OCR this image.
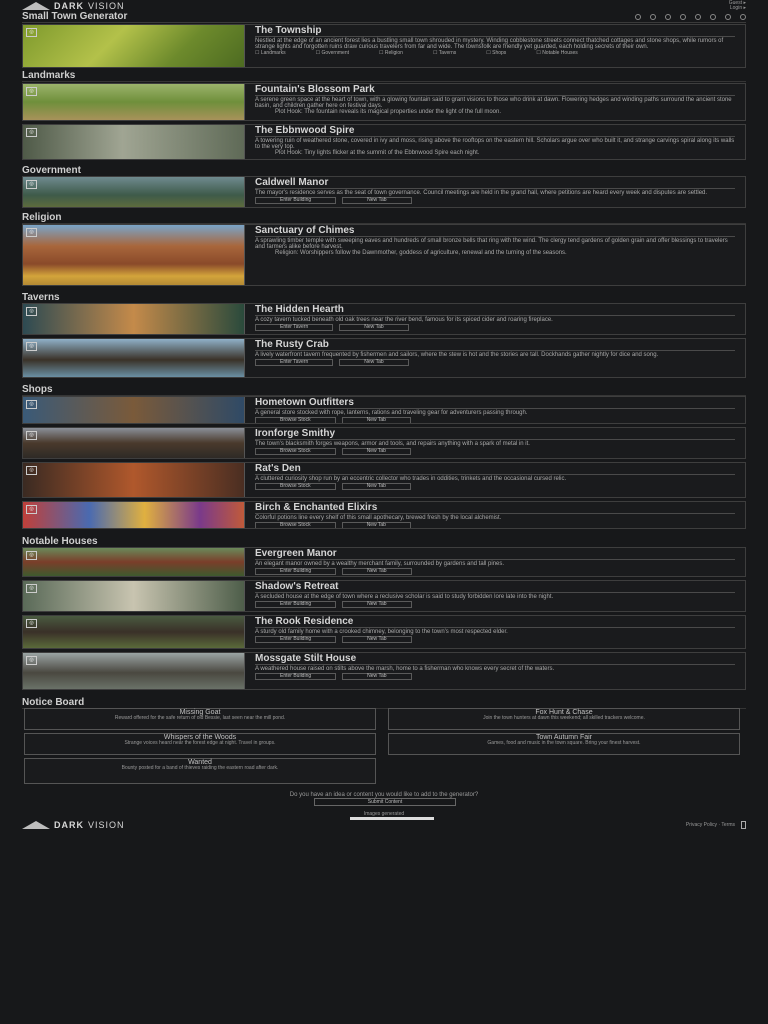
DARK VISION	Guest ▸
Login ▸
Small Town Generator
◎	The Township

Nestled at the edge of an ancient forest lies a bustling small town shrouded in mystery. Winding cobblestone streets connect thatched cottages and stone shops, while rumors of strange lights and forgotten ruins draw curious travelers from far and wide. The townsfolk are friendly yet guarded, each holding secrets of their own.

☐ Landmarks	☐ Government	☐ Religion	☐ Taverns	☐ Shops	☐ Notable Houses

Landmarks

◎	Fountain's Blossom Park

A serene green space at the heart of town, with a glowing fountain said to grant visions to those who drink at dawn. Flowering hedges and winding paths surround the ancient stone basin, and children gather here on festival days.

Plot Hook: The fountain reveals its magical properties under the light of the full moon.
◎	The Ebbnwood Spire

A towering ruin of weathered stone, covered in ivy and moss, rising above the rooftops on the eastern hill. Scholars argue over who built it, and strange carvings spiral along its walls to the very top.

Plot Hook: Tiny lights flicker at the summit of the Ebbnwood Spire each night.

Government

◎	Caldwell Manor

The mayor's residence serves as the seat of town governance. Council meetings are held in the grand hall, where petitions are heard every week and disputes are settled.

Enter Building	New Tab

Religion

◎	Sanctuary of Chimes

A sprawling timber temple with sweeping eaves and hundreds of small bronze bells that ring with the wind. The clergy tend gardens of golden grain and offer blessings to travelers and farmers alike before harvest.

Religion: Worshippers follow the Dawnmother, goddess of agriculture, renewal and the turning of the seasons.

Taverns

◎	The Hidden Hearth

A cozy tavern tucked beneath old oak trees near the river bend, famous for its spiced cider and roaring fireplace.

Enter Tavern	New Tab
◎	The Rusty Crab

A lively waterfront tavern frequented by fishermen and sailors, where the stew is hot and the stories are tall. Dockhands gather nightly for dice and song.

Enter Tavern	New Tab

Shops

◎	Hometown Outfitters

A general store stocked with rope, lanterns, rations and traveling gear for adventurers passing through.

Browse Stock	New Tab
◎	Ironforge Smithy

The town's blacksmith forges weapons, armor and tools, and repairs anything with a spark of metal in it.

Browse Stock	New Tab
◎	Rat's Den

A cluttered curiosity shop run by an eccentric collector who trades in oddities, trinkets and the occasional cursed relic.

Browse Stock	New Tab
◎	Birch & Enchanted Elixirs

Colorful potions line every shelf of this small apothecary, brewed fresh by the local alchemist.

Browse Stock	New Tab

Notable Houses

◎	Evergreen Manor

An elegant manor owned by a wealthy merchant family, surrounded by gardens and tall pines.

Enter Building	New Tab
◎	Shadow's Retreat

A secluded house at the edge of town where a reclusive scholar is said to study forbidden lore late into the night.

Enter Building	New Tab
◎	The Rook Residence

A sturdy old family home with a crooked chimney, belonging to the town's most respected elder.

Enter Building	New Tab
◎	Mossgate Stilt House

A weathered house raised on stilts above the marsh, home to a fisherman who knows every secret of the waters.

Enter Building	New Tab

Notice Board

Missing Goat
Reward offered for the safe return of old Bessie, last seen near the mill pond.
Fox Hunt & Chase
Join the town hunters at dawn this weekend; all skilled trackers welcome.
Whispers of the Woods
Strange voices heard near the forest edge at night. Travel in groups.
Town Autumn Fair
Games, food and music in the town square. Bring your finest harvest.
Wanted
Bounty posted for a band of thieves raiding the eastern road after dark.
Do you have an idea or content you would like to add to the generator?
Submit Content
Images generated
DARK VISION	Privacy Policy · Terms
